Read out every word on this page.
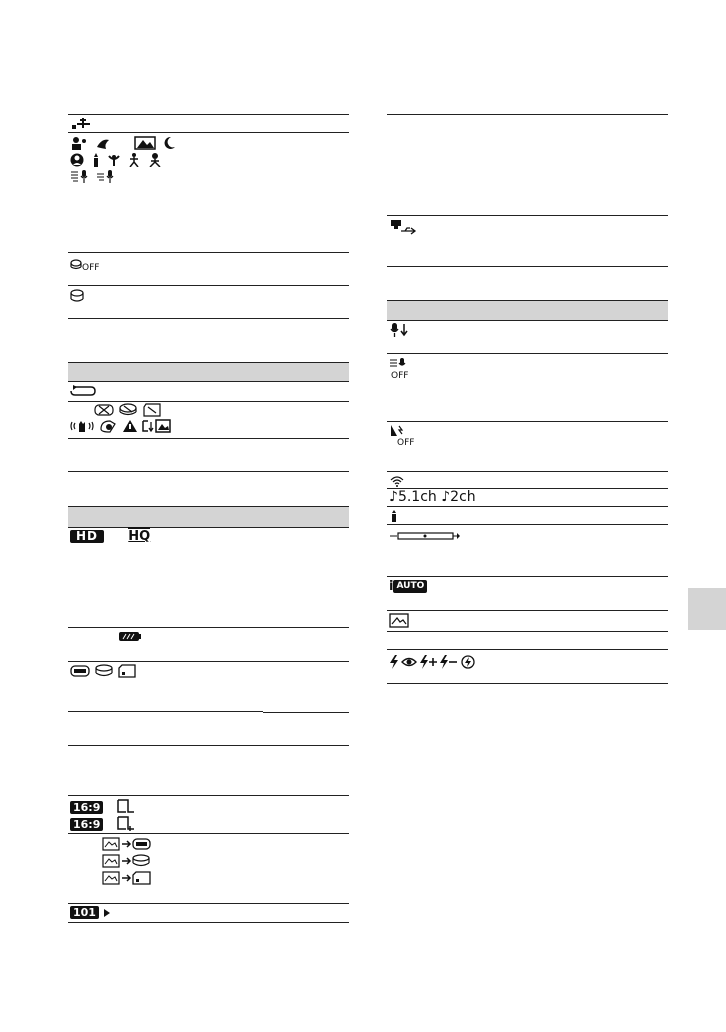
OFF

HD HQ

16:9
16:9
101
OFF
OFF
♪5.1ch ♪2ch
i AUTO
